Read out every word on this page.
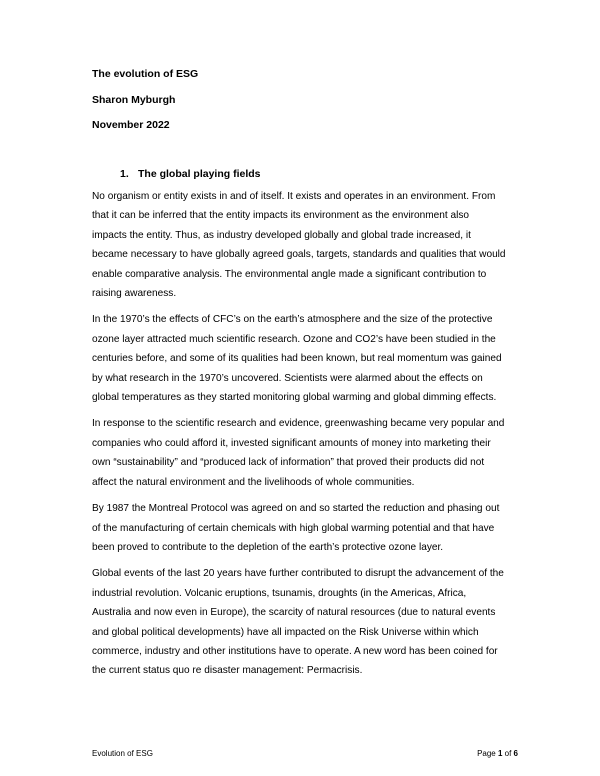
The evolution of ESG
Sharon Myburgh
November 2022
1. The global playing fields

No organism or entity exists in and of itself. It exists and operates in an environment. From
that it can be inferred that the entity impacts its environment as the environment also
impacts the entity. Thus, as industry developed globally and global trade increased, it
became necessary to have globally agreed goals, targets, standards and qualities that would
enable comparative analysis. The environmental angle made a significant contribution to
raising awareness.

In the 1970’s the effects of CFC’s on the earth’s atmosphere and the size of the protective
ozone layer attracted much scientific research. Ozone and CO2’s have been studied in the
centuries before, and some of its qualities had been known, but real momentum was gained
by what research in the 1970’s uncovered. Scientists were alarmed about the effects on
global temperatures as they started monitoring global warming and global dimming effects.

In response to the scientific research and evidence, greenwashing became very popular and
companies who could afford it, invested significant amounts of money into marketing their
own “sustainability” and “produced lack of information” that proved their products did not
affect the natural environment and the livelihoods of whole communities.

By 1987 the Montreal Protocol was agreed on and so started the reduction and phasing out
of the manufacturing of certain chemicals with high global warming potential and that have
been proved to contribute to the depletion of the earth’s protective ozone layer.

Global events of the last 20 years have further contributed to disrupt the advancement of the
industrial revolution. Volcanic eruptions, tsunamis, droughts (in the Americas, Africa,
Australia and now even in Europe), the scarcity of natural resources (due to natural events
and global political developments) have all impacted on the Risk Universe within which
commerce, industry and other institutions have to operate. A new word has been coined for
the current status quo re disaster management: Permacrisis.

Evolution of ESG	Page 1 of 6
